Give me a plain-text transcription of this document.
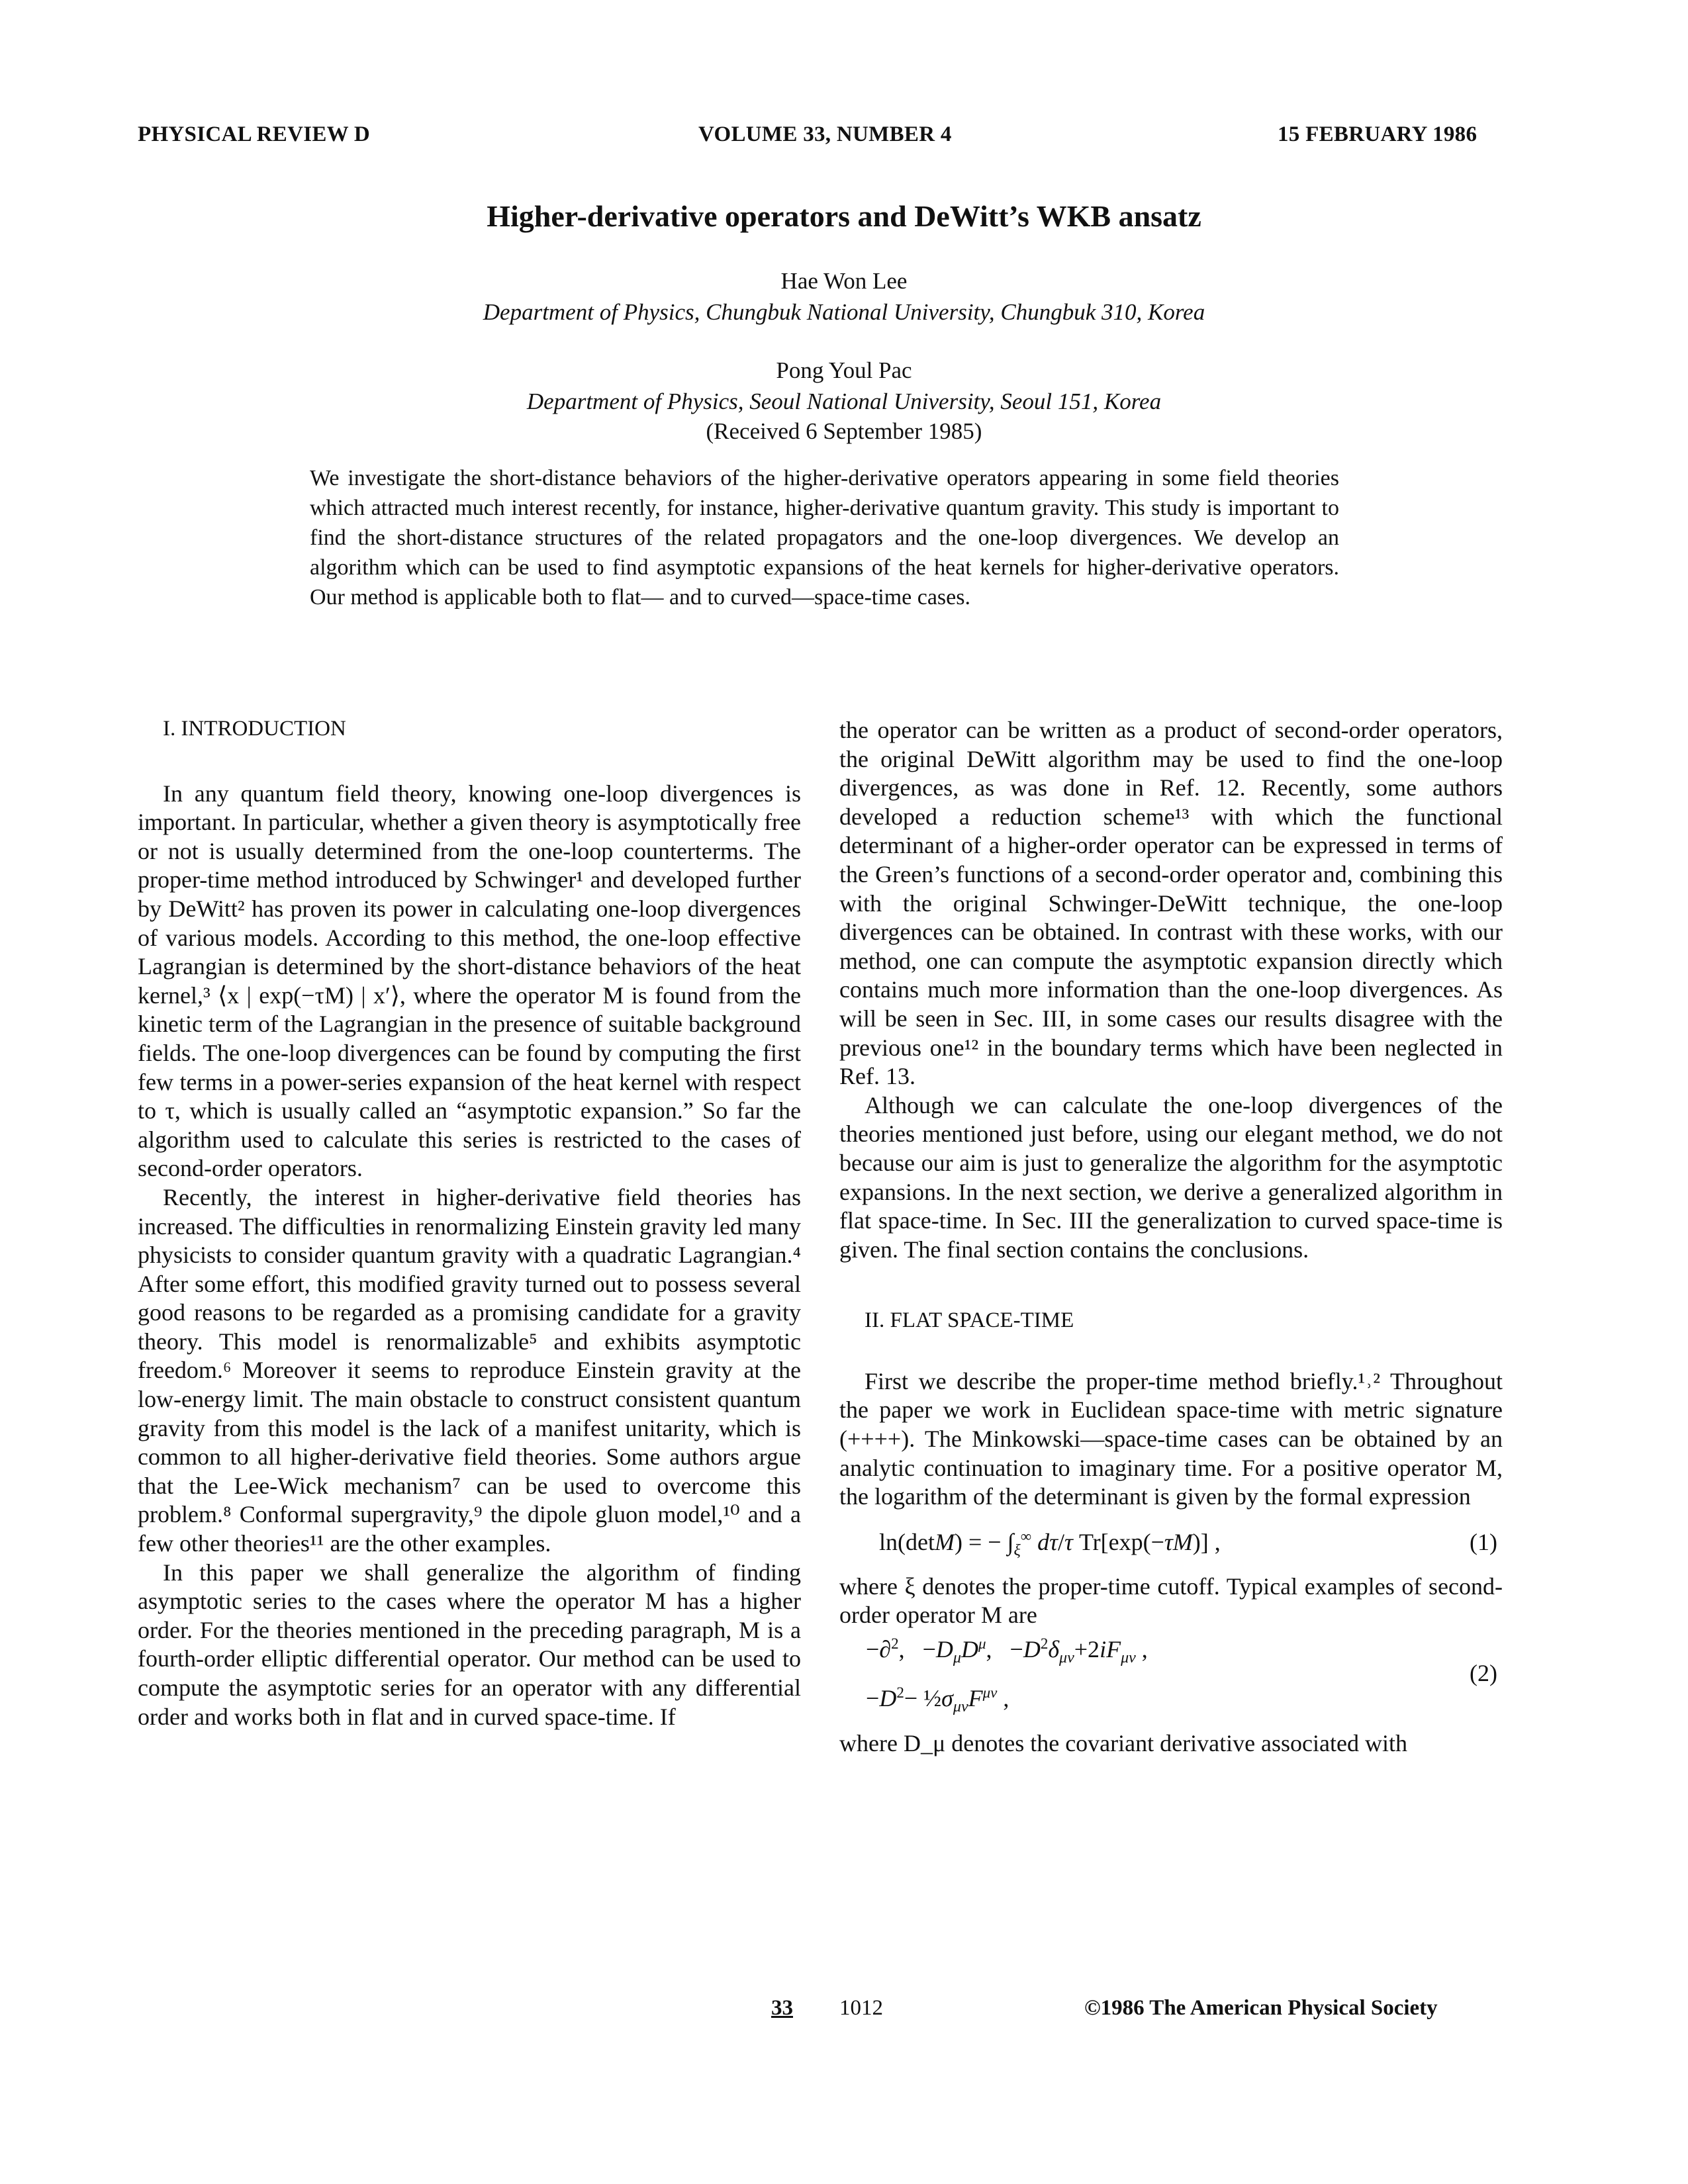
PHYSICAL REVIEW D	VOLUME 33, NUMBER 4	15 FEBRUARY 1986
Higher-derivative operators and DeWitt’s WKB ansatz
Hae Won Lee
Department of Physics, Chungbuk National University, Chungbuk 310, Korea
Pong Youl Pac
Department of Physics, Seoul National University, Seoul 151, Korea
(Received 6 September 1985)
We investigate the short-distance behaviors of the higher-derivative operators appearing in some field theories which attracted much interest recently, for instance, higher-derivative quantum gravity. This study is important to find the short-distance structures of the related propagators and the one-loop divergences. We develop an algorithm which can be used to find asymptotic expansions of the heat kernels for higher-derivative operators. Our method is applicable both to flat— and to curved—space-time cases.

I. INTRODUCTION

In any quantum field theory, knowing one-loop divergences is important. In particular, whether a given theory is asymptotically free or not is usually determined from the one-loop counterterms. The proper-time method introduced by Schwinger¹ and developed further by DeWitt² has proven its power in calculating one-loop divergences of various models. According to this method, the one-loop effective Lagrangian is determined by the short-distance behaviors of the heat kernel,³ ⟨x | exp(−τM) | x′⟩, where the operator M is found from the kinetic term of the Lagrangian in the presence of suitable background fields. The one-loop divergences can be found by computing the first few terms in a power-series expansion of the heat kernel with respect to τ, which is usually called an “asymptotic expansion.” So far the algorithm used to calculate this series is restricted to the cases of second-order operators.

Recently, the interest in higher-derivative field theories has increased. The difficulties in renormalizing Einstein gravity led many physicists to consider quantum gravity with a quadratic Lagrangian.⁴ After some effort, this modified gravity turned out to possess several good reasons to be regarded as a promising candidate for a gravity theory. This model is renormalizable⁵ and exhibits asymptotic freedom.⁶ Moreover it seems to reproduce Einstein gravity at the low-energy limit. The main obstacle to construct consistent quantum gravity from this model is the lack of a manifest unitarity, which is common to all higher-derivative field theories. Some authors argue that the Lee-Wick mechanism⁷ can be used to overcome this problem.⁸ Conformal supergravity,⁹ the dipole gluon model,¹⁰ and a few other theories¹¹ are the other examples.

In this paper we shall generalize the algorithm of finding asymptotic series to the cases where the operator M has a higher order. For the theories mentioned in the preceding paragraph, M is a fourth-order elliptic differential operator. Our method can be used to compute the asymptotic series for an operator with any differential order and works both in flat and in curved space-time. If

the operator can be written as a product of second-order operators, the original DeWitt algorithm may be used to find the one-loop divergences, as was done in Ref. 12. Recently, some authors developed a reduction scheme¹³ with which the functional determinant of a higher-order operator can be expressed in terms of the Green’s functions of a second-order operator and, combining this with the original Schwinger-DeWitt technique, the one-loop divergences can be obtained. In contrast with these works, with our method, one can compute the asymptotic expansion directly which contains much more information than the one-loop divergences. As will be seen in Sec. III, in some cases our results disagree with the previous one¹² in the boundary terms which have been neglected in Ref. 13.

Although we can calculate the one-loop divergences of the theories mentioned just before, using our elegant method, we do not because our aim is just to generalize the algorithm for the asymptotic expansions. In the next section, we derive a generalized algorithm in flat space-time. In Sec. III the generalization to curved space-time is given. The final section contains the conclusions.

II. FLAT SPACE-TIME

First we describe the proper-time method briefly.¹˒² Throughout the paper we work in Euclidean space-time with metric signature (++++). The Minkowski—space-time cases can be obtained by an analytic continuation to imaginary time. For a positive operator M, the logarithm of the determinant is given by the formal expression

ln(detM) = − $\int_\xi^\infty$ dτ/τ Tr[exp(−τM)] ,	(1)

where ξ denotes the proper-time cutoff. Typical examples of second-order operator M are

−∂$^2$,   $-D_\mu D^\mu$,   $-D^2\delta_{\mu\nu}+2iF_{\mu\nu}$ ,
$-D^2-$ $\frac{1}{2}\sigma_{\mu\nu}F^{\mu\nu}$ ,
(2)

where D_μ denotes the covariant derivative associated with

33 1012	©1986 The American Physical Society
